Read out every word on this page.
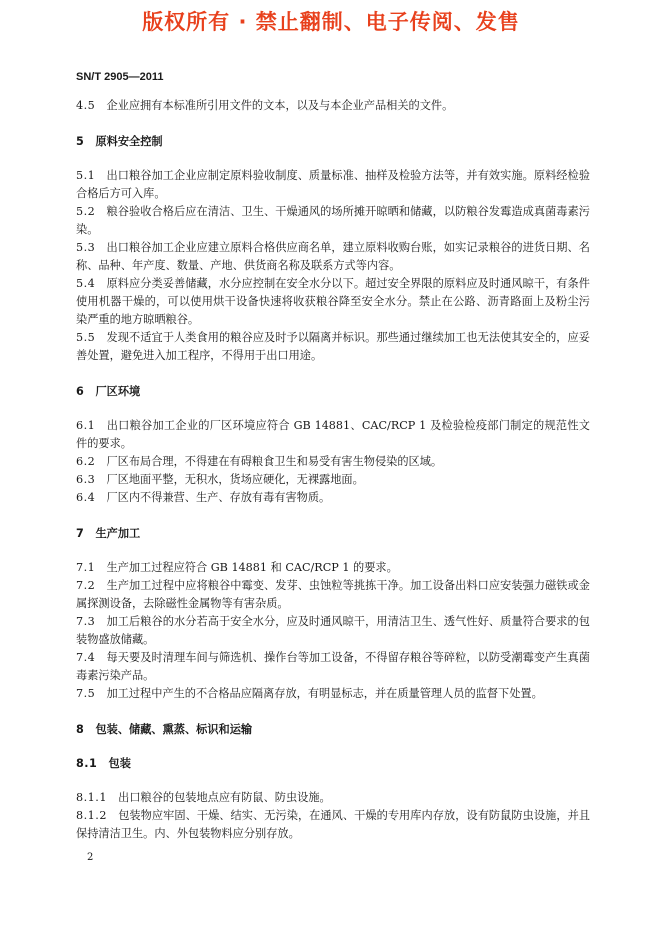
版权所有 · 禁止翻制、电子传阅、发售
SN/T 2905—2011

4.5  企业应拥有本标准所引用文件的文本，以及与本企业产品相关的文件。

5  原料安全控制

5.1  出口粮谷加工企业应制定原料验收制度、质量标准、抽样及检验方法等，并有效实施。原料经检验合格后方可入库。

5.2  粮谷验收合格后应在清洁、卫生、干燥通风的场所摊开晾晒和储藏，以防粮谷发霉造成真菌毒素污染。

5.3  出口粮谷加工企业应建立原料合格供应商名单，建立原料收购台账，如实记录粮谷的进货日期、名称、品种、年产度、数量、产地、供货商名称及联系方式等内容。

5.4  原料应分类妥善储藏，水分应控制在安全水分以下。超过安全界限的原料应及时通风晾干，有条件使用机器干燥的，可以使用烘干设备快速将收获粮谷降至安全水分。禁止在公路、沥青路面上及粉尘污染严重的地方晾晒粮谷。

5.5  发现不适宜于人类食用的粮谷应及时予以隔离并标识。那些通过继续加工也无法使其安全的，应妥善处置，避免进入加工程序，不得用于出口用途。

6  厂区环境

6.1  出口粮谷加工企业的厂区环境应符合 GB 14881、CAC/RCP 1 及检验检疫部门制定的规范性文件的要求。

6.2  厂区布局合理，不得建在有碍粮食卫生和易受有害生物侵染的区域。

6.3  厂区地面平整，无积水，货场应硬化，无裸露地面。

6.4  厂区内不得兼营、生产、存放有毒有害物质。

7  生产加工

7.1  生产加工过程应符合 GB 14881 和 CAC/RCP 1 的要求。

7.2  生产加工过程中应将粮谷中霉变、发芽、虫蚀粒等挑拣干净。加工设备出料口应安装强力磁铁或金属探测设备，去除磁性金属物等有害杂质。

7.3  加工后粮谷的水分若高于安全水分，应及时通风晾干，用清洁卫生、透气性好、质量符合要求的包装物盛放储藏。

7.4  每天要及时清理车间与筛选机、操作台等加工设备，不得留存粮谷等碎粒，以防受潮霉变产生真菌毒素污染产品。

7.5  加工过程中产生的不合格品应隔离存放，有明显标志，并在质量管理人员的监督下处置。

8  包装、储藏、熏蒸、标识和运输

8.1  包装

8.1.1  出口粮谷的包装地点应有防鼠、防虫设施。

8.1.2  包装物应牢固、干燥、结实、无污染，在通风、干燥的专用库内存放，设有防鼠防虫设施，并且保持清洁卫生。内、外包装物料应分别存放。

2
